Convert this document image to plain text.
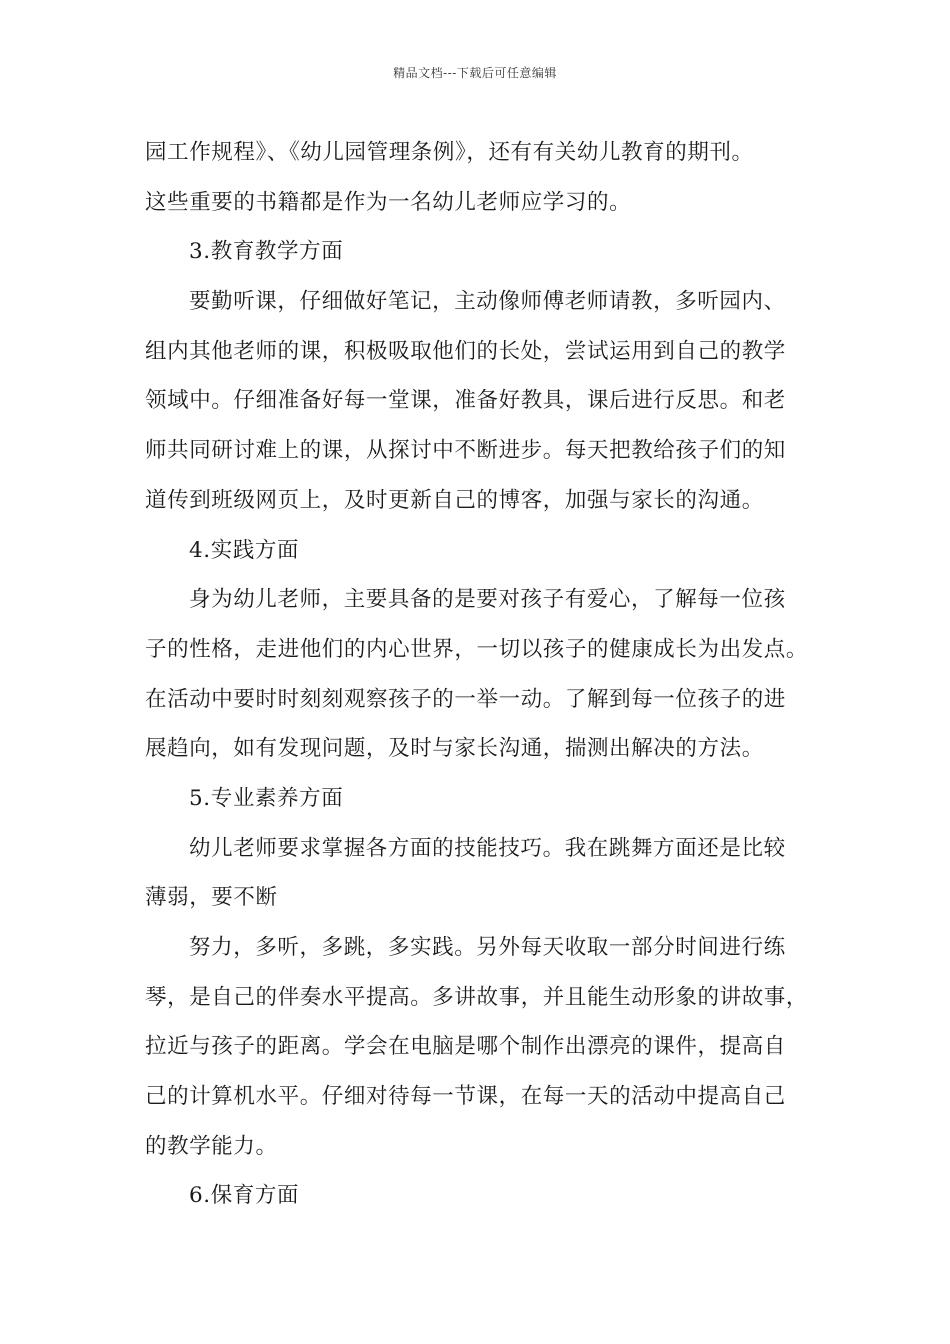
精品文档---下载后可任意编辑
园工作规程》、《幼儿园管理条例》，还有有关幼儿教育的期刊。
这些重要的书籍都是作为一名幼儿老师应学习的。
3.教育教学方面
要勤听课，仔细做好笔记，主动像师傅老师请教，多听园内、
组内其他老师的课，积极吸取他们的长处，尝试运用到自己的教学
领域中。仔细准备好每一堂课，准备好教具，课后进行反思。和老
师共同研讨难上的课，从探讨中不断进步。每天把教给孩子们的知
道传到班级网页上，及时更新自己的博客，加强与家长的沟通。
4.实践方面
身为幼儿老师，主要具备的是要对孩子有爱心，了解每一位孩
子的性格，走进他们的内心世界，一切以孩子的健康成长为出发点。
在活动中要时时刻刻观察孩子的一举一动。了解到每一位孩子的进
展趋向，如有发现问题，及时与家长沟通，揣测出解决的方法。
5.专业素养方面
幼儿老师要求掌握各方面的技能技巧。我在跳舞方面还是比较
薄弱，要不断
努力，多听，多跳，多实践。另外每天收取一部分时间进行练
琴，是自己的伴奏水平提高。多讲故事，并且能生动形象的讲故事，
拉近与孩子的距离。学会在电脑是哪个制作出漂亮的课件，提高自
己的计算机水平。仔细对待每一节课，在每一天的活动中提高自己
的教学能力。
6.保育方面
